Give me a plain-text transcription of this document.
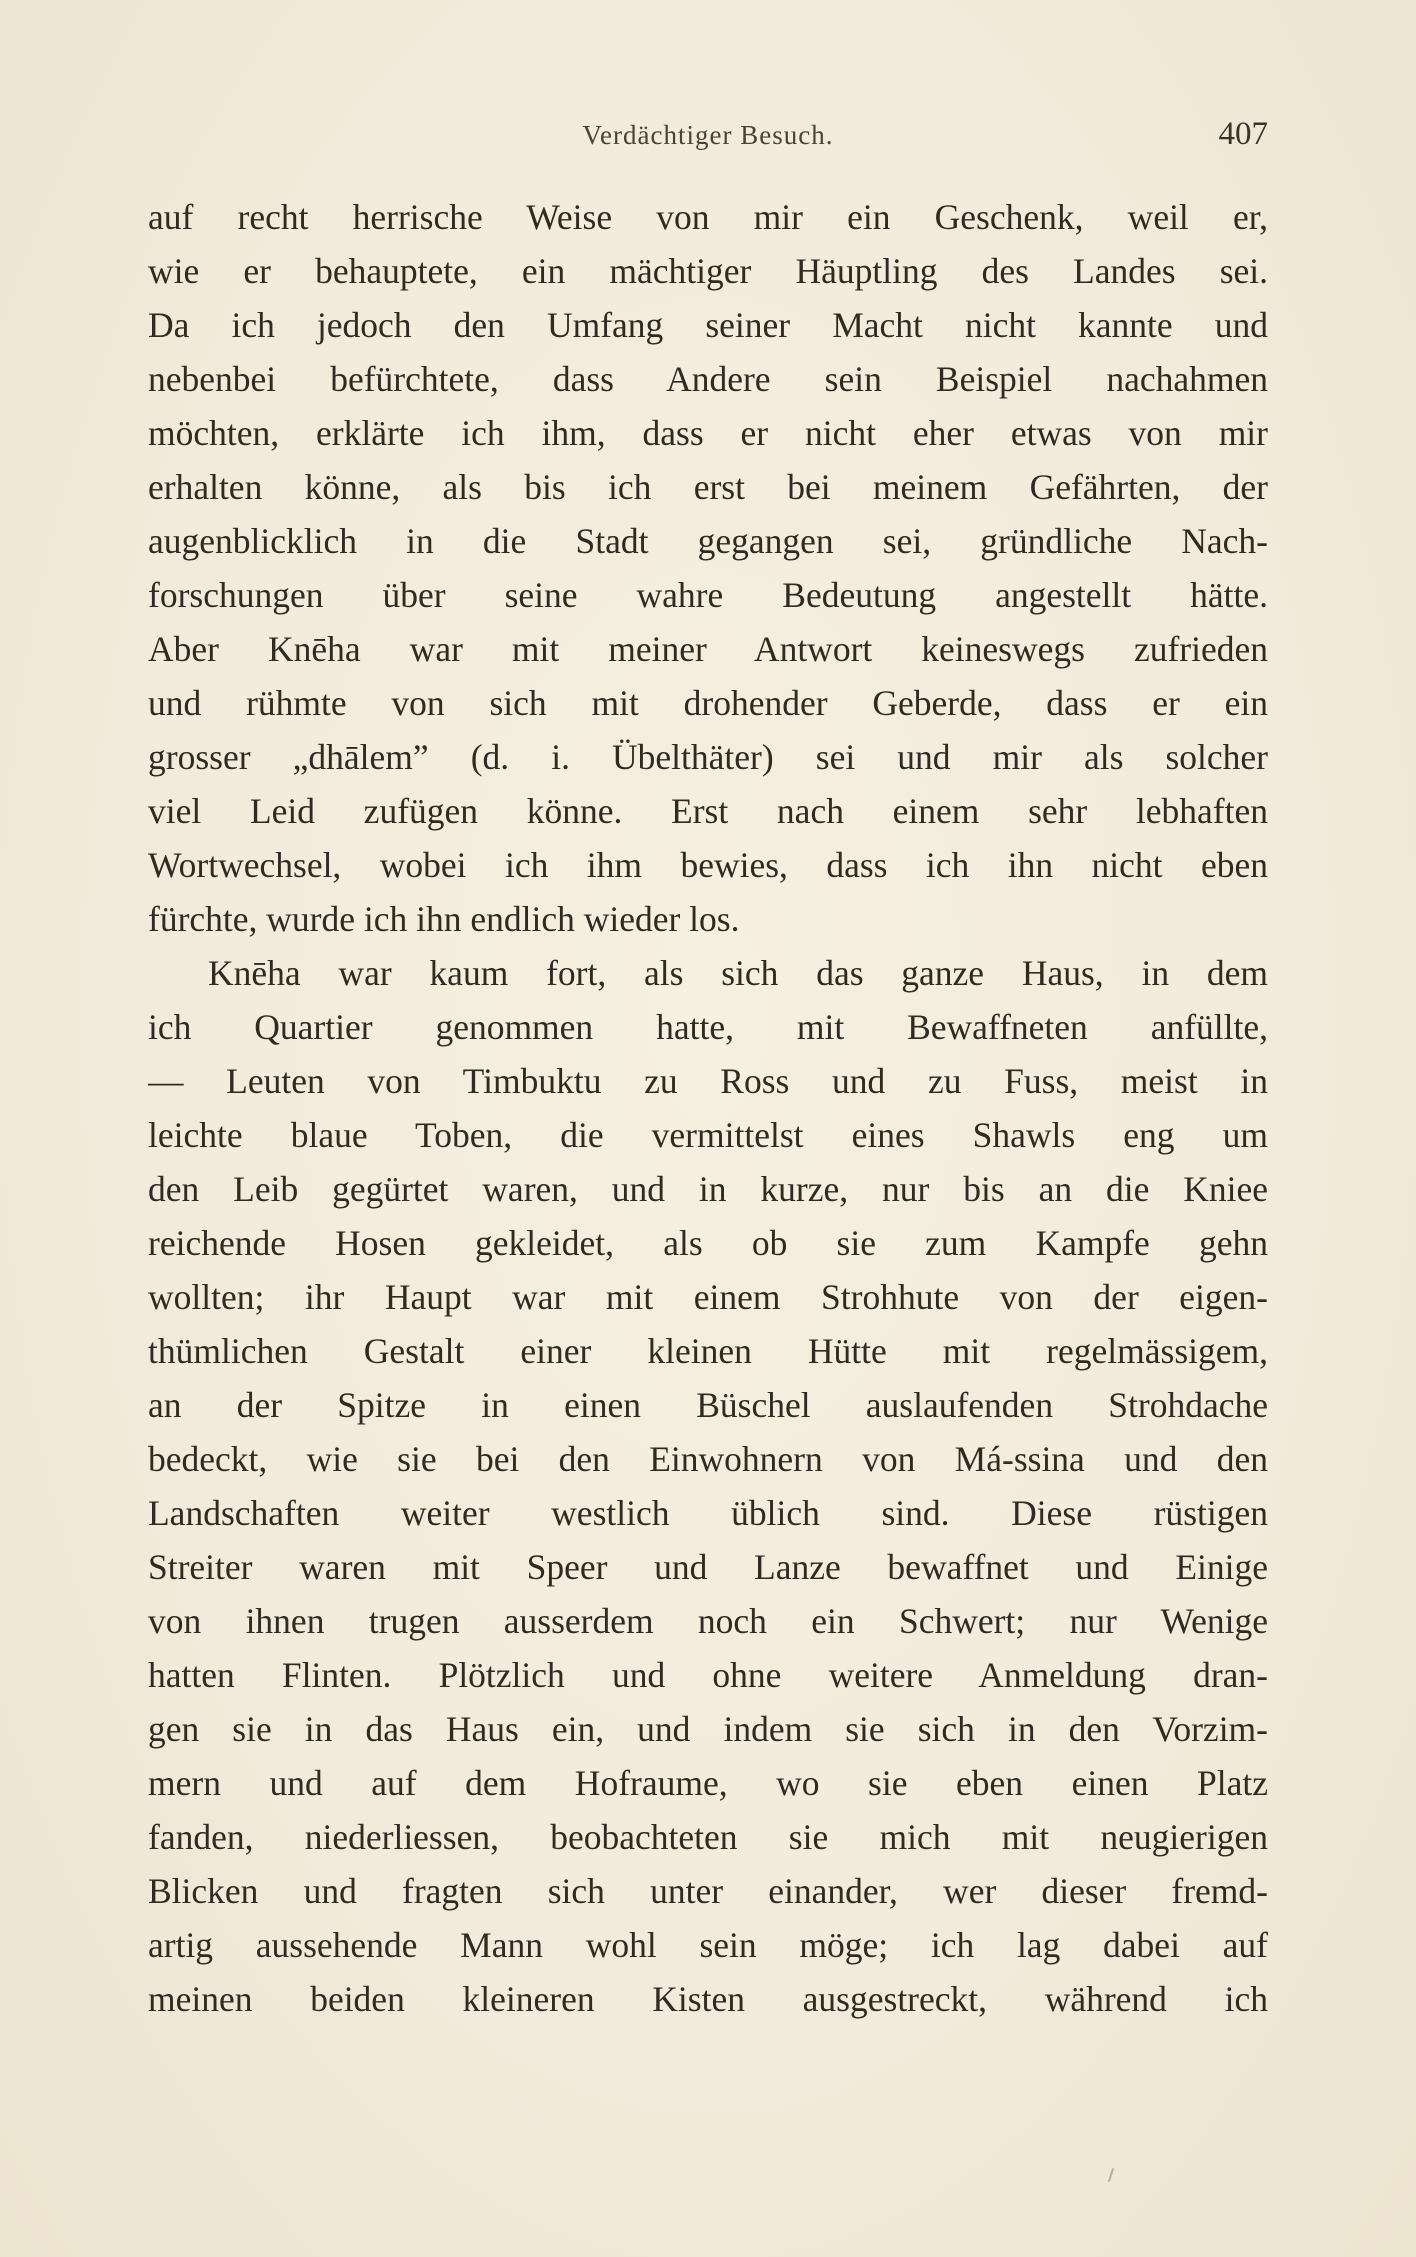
Verdächtiger Besuch.	407
auf recht herrische Weise von mir ein Geschenk, weil er,
wie er behauptete, ein mächtiger Häuptling des Landes sei.
Da ich jedoch den Umfang seiner Macht nicht kannte und
nebenbei befürchtete, dass Andere sein Beispiel nachahmen
möchten, erklärte ich ihm, dass er nicht eher etwas von mir
erhalten könne, als bis ich erst bei meinem Gefährten, der
augenblicklich in die Stadt gegangen sei, gründliche Nach-
forschungen über seine wahre Bedeutung angestellt hätte.
Aber Knēha war mit meiner Antwort keineswegs zufrieden
und rühmte von sich mit drohender Geberde, dass er ein
grosser „dhālem” (d. i. Übelthäter) sei und mir als solcher
viel Leid zufügen könne. Erst nach einem sehr lebhaften
Wortwechsel, wobei ich ihm bewies, dass ich ihn nicht eben
fürchte, wurde ich ihn endlich wieder los.
Knēha war kaum fort, als sich das ganze Haus, in dem
ich Quartier genommen hatte, mit Bewaffneten anfüllte,
— Leuten von Timbuktu zu Ross und zu Fuss, meist in
leichte blaue Toben, die vermittelst eines Shawls eng um
den Leib gegürtet waren, und in kurze, nur bis an die Kniee
reichende Hosen gekleidet, als ob sie zum Kampfe gehn
wollten; ihr Haupt war mit einem Strohhute von der eigen-
thümlichen Gestalt einer kleinen Hütte mit regelmässigem,
an der Spitze in einen Büschel auslaufenden Strohdache
bedeckt, wie sie bei den Einwohnern von Má-ssina und den
Landschaften weiter westlich üblich sind. Diese rüstigen
Streiter waren mit Speer und Lanze bewaffnet und Einige
von ihnen trugen ausserdem noch ein Schwert; nur Wenige
hatten Flinten. Plötzlich und ohne weitere Anmeldung dran-
gen sie in das Haus ein, und indem sie sich in den Vorzim-
mern und auf dem Hofraume, wo sie eben einen Platz
fanden, niederliessen, beobachteten sie mich mit neugierigen
Blicken und fragten sich unter einander, wer dieser fremd-
artig aussehende Mann wohl sein möge; ich lag dabei auf
meinen beiden kleineren Kisten ausgestreckt, während ich
